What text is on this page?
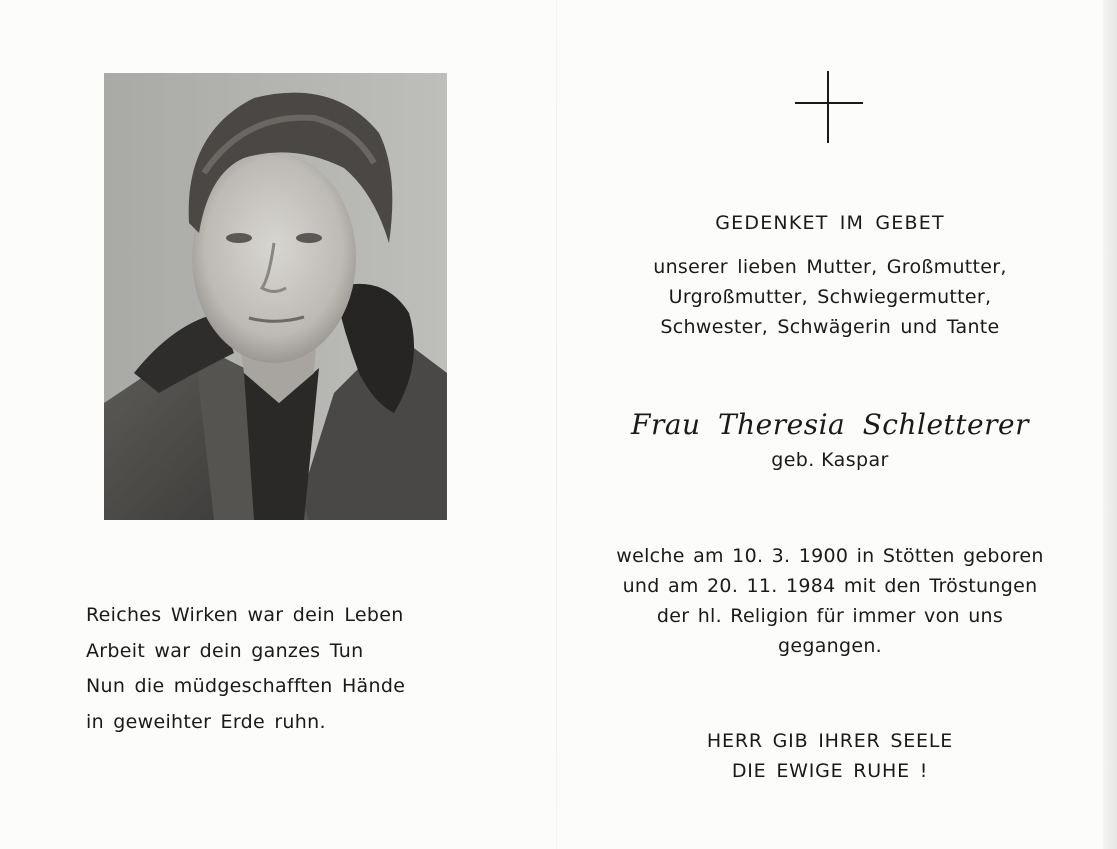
Reiches Wirken war dein Leben
Arbeit war dein ganzes Tun
Nun die müdgeschafften Hände
in geweihter Erde ruhn.
GEDENKET IM GEBET
unserer lieben Mutter, Großmutter,
Urgroßmutter, Schwiegermutter,
Schwester, Schwägerin und Tante
Frau Theresia Schletterer
geb. Kaspar
welche am 10. 3. 1900 in Stötten geboren
und am 20. 11. 1984 mit den Tröstungen
der hl. Religion für immer von uns
gegangen.
HERR GIB IHRER SEELE
DIE EWIGE RUHE !
